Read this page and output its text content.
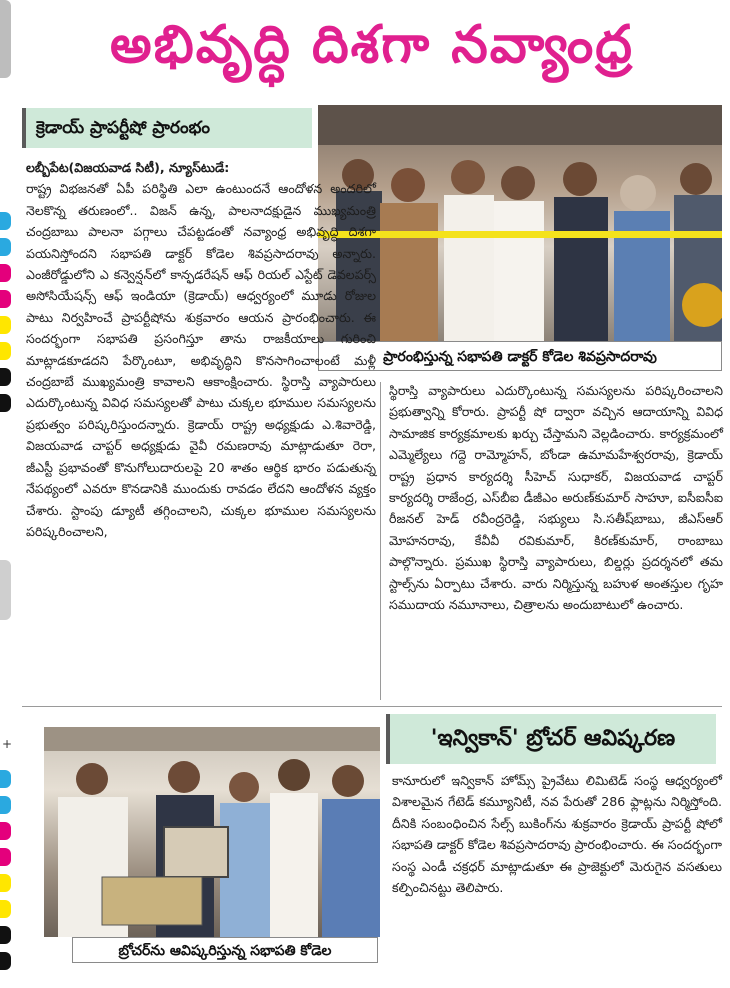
+
అభివృద్ధి దిశగా నవ్యాంధ్ర
క్రెడాయ్ ప్రాపర్టీషో ప్రారంభం
ప్రారంభిస్తున్న సభాపతి డాక్టర్ కోడెల శివప్రసాదరావు

లబ్బీపేట(విజయవాడ సిటీ), న్యూస్‌టుడే:

రాష్ట్ర విభజనతో ఏపీ పరిస్థితి ఎలా ఉంటుందనే ఆందోళన అందరిలో నెలకొన్న తరుణంలో.. విజన్ ఉన్న, పాలనాదక్షుడైన ముఖ్యమంత్రి చంద్రబాబు పాలనా పగ్గాలు చేపట్టడంతో నవ్యాంధ్ర అభివృద్ధి దిశగా పయనిస్తోందని సభాపతి డాక్టర్ కోడెల శివప్రసాదరావు అన్నారు. ఎంజీరోడ్డులోని ఎ కన్వెన్షన్‌లో కాన్ఫడరేషన్ ఆఫ్ రియల్ ఎస్టేట్ డెవలపర్స్ అసోసియేషన్స్ ఆఫ్ ఇండియా (క్రెడాయ్) ఆధ్వర్యంలో మూడు రోజుల పాటు నిర్వహించే ప్రాపర్టీషోను శుక్రవారం ఆయన ప్రారంభించారు. ఈ సందర్భంగా సభాపతి ప్రసంగిస్తూ తాను రాజకీయాలు గురించి మాట్లాడకూడదని పేర్కొంటూ, అభివృద్ధిని కొనసాగించాలంటే మళ్లీ చంద్రబాబే ముఖ్యమంత్రి కావాలని ఆకాంక్షించారు. స్థిరాస్తి వ్యాపారులు ఎదుర్కొంటున్న వివిధ సమస్యలతో పాటు చుక్కల భూముల సమస్యలను ప్రభుత్వం పరిష్కరిస్తుందన్నారు. క్రెడాయ్ రాష్ట్ర అధ్యక్షుడు ఎ.శివారెడ్డి, విజయవాడ చాప్టర్ అధ్యక్షుడు వైవీ రమణరావు మాట్లాడుతూ రెరా, జీఎస్టీ ప్రభావంతో కొనుగోలుదారులపై 20 శాతం ఆర్థిక భారం పడుతున్న నేపథ్యంలో ఎవరూ కొనడానికి ముందుకు రావడం లేదని ఆందోళన వ్యక్తం చేశారు. స్టాంపు డ్యూటీ తగ్గించాలని, చుక్కల భూముల సమస్యలను పరిష్కరించాలని,

స్థిరాస్తి వ్యాపారులు ఎదుర్కొంటున్న సమస్యలను పరిష్కరించాలని ప్రభుత్వాన్ని కోరారు. ప్రాపర్టీ షో ద్వారా వచ్చిన ఆదాయాన్ని వివిధ సామాజిక కార్యక్రమాలకు ఖర్చు చేస్తామని వెల్లడించారు. కార్యక్రమంలో ఎమ్మెల్యేలు గద్దె రామ్మోహన్, బోండా ఉమామహేశ్వరరావు, క్రెడాయ్ రాష్ట్ర ప్రధాన కార్యదర్శి సీహెచ్ సుధాకర్, విజయవాడ చాప్టర్ కార్యదర్శి రాజేంద్ర, ఎస్‌బీఐ డీజీఎం అరుణ్‌కుమార్ సాహూ, ఐసీఐసీఐ రీజనల్ హెడ్ రవీంద్రరెడ్డి, సభ్యులు సి.సతీష్‌బాబు, జీఎస్ఆర్ మోహనరావు, కేవీవీ రవికుమార్, కిరణ్‌కుమార్, రాంబాబు పాల్గొన్నారు. ప్రముఖ స్థిరాస్తి వ్యాపారులు, బిల్డర్లు ప్రదర్శనలో తమ స్టాల్స్‌ను ఏర్పాటు చేశారు. వారు నిర్మిస్తున్న బహుళ అంతస్తుల గృహ సముదాయ నమూనాలు, చిత్రాలను అందుబాటులో ఉంచారు.

'ఇన్వికాన్' బ్రోచర్ ఆవిష్కరణ
బ్రోచర్‌ను ఆవిష్కరిస్తున్న సభాపతి కోడెల

కానూరులో ఇన్వికాన్ హోమ్స్ ప్రైవేటు లిమిటెడ్ సంస్థ ఆధ్వర్యంలో విశాలమైన గేటెడ్ కమ్యూనిటీ, నవ పేరుతో 286 ఫ్లాట్లను నిర్మిస్తోంది. దీనికి సంబంధించిన సేల్స్ బుకింగ్‌ను శుక్రవారం క్రెడాయ్ ప్రాపర్టీ షోలో సభాపతి డాక్టర్ కోడెల శివప్రసాదరావు ప్రారంభించారు. ఈ సందర్భంగా సంస్థ ఎండీ చక్రధర్ మాట్లాడుతూ ఈ ప్రాజెక్టులో మెరుగైన వసతులు కల్పించినట్టు తెలిపారు.
